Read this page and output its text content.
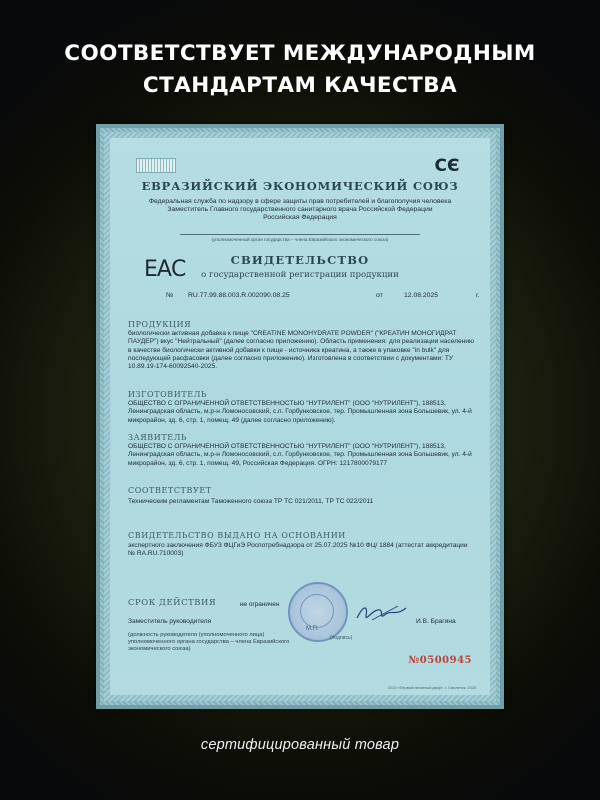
СООТВЕТСТВУЕТ МЕЖДУНАРОДНЫМ
СТАНДАРТАМ КАЧЕСТВА
СЄ
ЕВРАЗИЙСКИЙ ЭКОНОМИЧЕСКИЙ СОЮЗ
Федеральная служба по надзору в сфере защиты прав потребителей и благополучия человека
Заместитель Главного государственного санитарного врача Российской Федерации
Российская Федерация
(уполномоченный орган государства – члена Евразийского экономического союза)
ЕАС	СВИДЕТЕЛЬСТВО
о государственной регистрации продукции
№ RU.77.99.88.003.R.002090.08.25	от	12.08.2025	г.
ПРОДУКЦИЯ
биологически активная добавка к пище "CREATINE MONOHYDRATE POWDER" ("КРЕАТИН МОНОГИДРАТ ПАУДЕР") вкус "Нейтральный" (далее согласно приложению). Область применения: для реализации населению в качестве биологически активной добавки к пище - источника креатина, а также в упаковке "in bulk" для последующей расфасовки (далее согласно приложению). Изготовлена в соответствии с документами: ТУ 10.89.19-174-60092540-2025.
ИЗГОТОВИТЕЛЬ
ОБЩЕСТВО С ОГРАНИЧЕННОЙ ОТВЕТСТВЕННОСТЬЮ "НУТРИЛЕНТ" (ООО "НУТРИЛЕНТ"), 188513, Ленинградская область, м.р-н Ломоносовский, с.п. Горбунковское, тер. Промышленная зона Большевик, ул. 4-й микрорайон, зд. 6, стр. 1, помещ. 49 (далее согласно приложению).
ЗАЯВИТЕЛЬ
ОБЩЕСТВО С ОГРАНИЧЕННОЙ ОТВЕТСТВЕННОСТЬЮ "НУТРИЛЕНТ" (ООО "НУТРИЛЕНТ"), 188513, Ленинградская область, м.р-н Ломоносовский, с.п. Горбунковское, тер. Промышленная зона Большевик, ул. 4-й микрорайон, зд. 6, стр. 1, помещ. 49, Российская Федерация. ОГРН: 1217800079177
СООТВЕТСТВУЕТ
Техническим регламентам Таможенного союза ТР ТС 021/2011, ТР ТС 022/2011
СВИДЕТЕЛЬСТВО ВЫДАНО НА ОСНОВАНИИ
экспертного заключения ФБУЗ ФЦГиЭ Роспотребнадзора от 25.07.2025 №10 ФЦ/ 1884 (аттестат аккредитации № RA.RU.710003)
СРОК ДЕЙСТВИЯ	не ограничен
Заместитель руководителя	И.В. Брагина
М.П.
(подпись)
(должность руководителя (уполномоченного лица) уполномоченного органа государства – члена Евразийского экономического союза)
№0500945
ООО «Первый печатный двор», г. Смоленск, 2025
сертифицированный товар
